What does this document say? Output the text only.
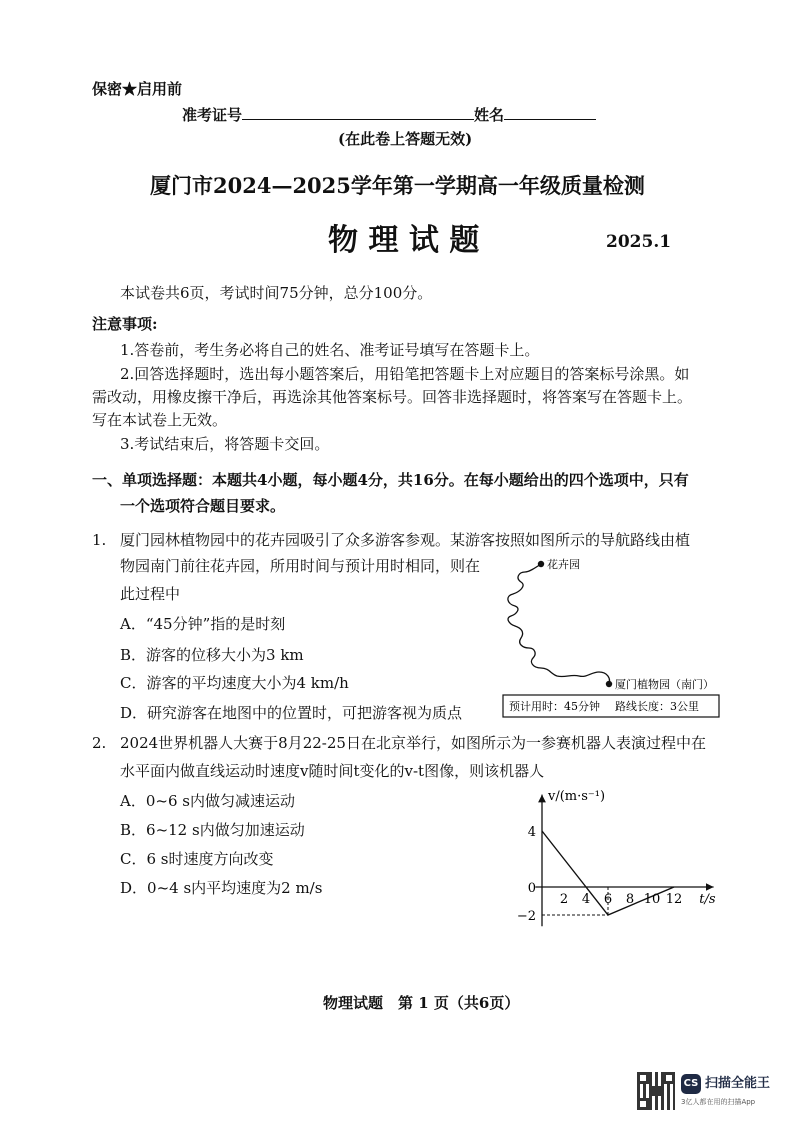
保密★启用前
准考证号	姓名
(在此卷上答题无效)
厦门市2024—2025学年第一学期高一年级质量检测
物 理 试 题	2025.1
本试卷共6页，考试时间75分钟，总分100分。
注意事项:
1.答卷前，考生务必将自己的姓名、准考证号填写在答题卡上。
2.回答选择题时，选出每小题答案后，用铅笔把答题卡上对应题目的答案标号涂黑。如
需改动，用橡皮擦干净后，再选涂其他答案标号。回答非选择题时，将答案写在答题卡上。
写在本试卷上无效。
3.考试结束后，将答题卡交回。
一、单项选择题：本题共4小题，每小题4分，共16分。在每小题给出的四个选项中，只有
一个选项符合题目要求。
1. 厦门园林植物园中的花卉园吸引了众多游客参观。某游客按照如图所示的导航路线由植
物园南门前往花卉园，所用时间与预计用时相同，则在
此过程中
A．“45分钟”指的是时刻
B．游客的位移大小为3 km
C．游客的平均速度大小为4 km/h
D．研究游客在地图中的位置时，可把游客视为质点
花卉园
厦门植物园（南门）
预计用时：45分钟 路线长度：3公里
2. 2024世界机器人大赛于8月22-25日在北京举行，如图所示为一参赛机器人表演过程中在
水平面内做直线运动时速度v随时间t变化的v-t图像，则该机器人
A．0~6 s内做匀减速运动
B．6~12 s内做匀加速运动
C．6 s时速度方向改变
D．0~4 s内平均速度为2 m/s
2 4 6 8 10 12
4
0
−2
v/(m·s⁻¹)
t/s
物理试题　第 1 页（共6页）
CS 扫描全能王
3亿人都在用的扫描App
